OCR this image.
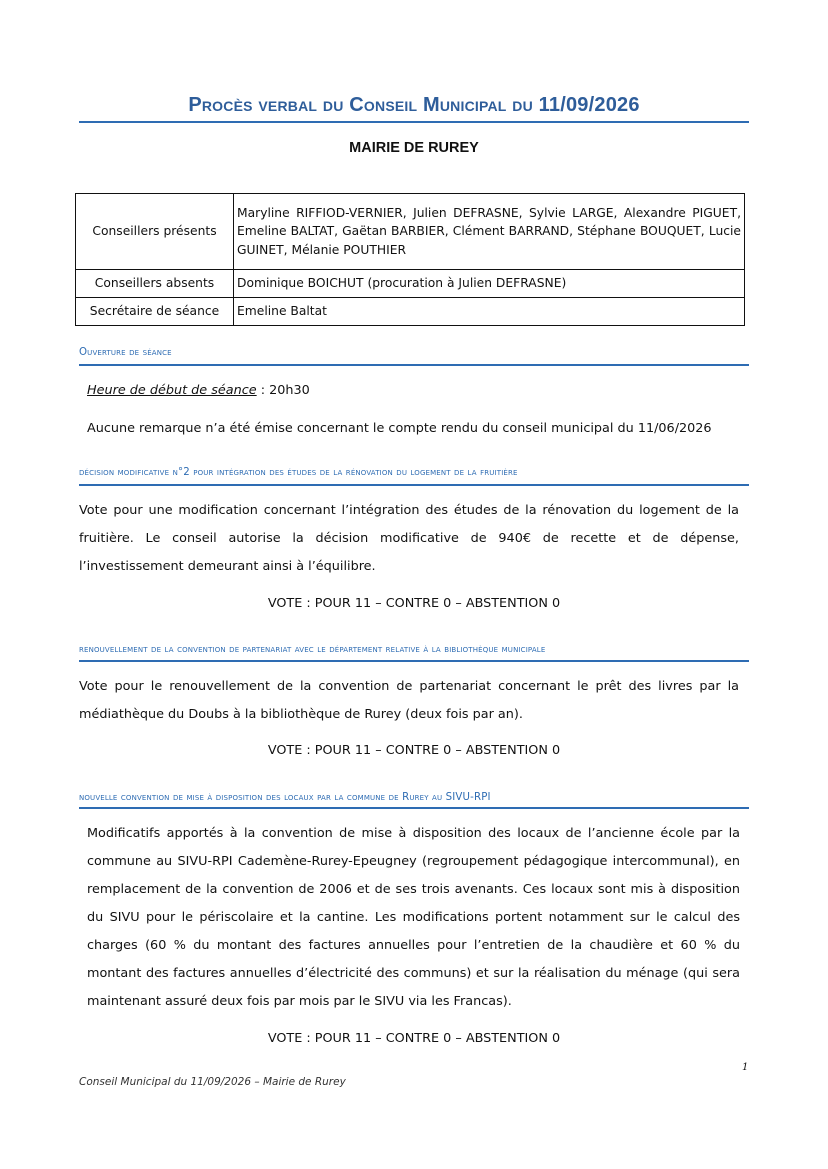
Procès verbal du Conseil Municipal du 11/09/2026
MAIRIE DE RUREY
Conseillers présents	Maryline RIFFIOD-VERNIER, Julien DEFRASNE, Sylvie LARGE, Alexandre PIGUET, Emeline BALTAT, Gaëtan BARBIER, Clément BARRAND, Stéphane BOUQUET, Lucie GUINET, Mélanie POUTHIER
Conseillers absents	Dominique BOICHUT (procuration à Julien DEFRASNE)
Secrétaire de séance	Emeline Baltat
Ouverture de séance
Heure de début de séance : 20h30
Aucune remarque n’a été émise concernant le compte rendu du conseil municipal du 11/06/2026
décision modificative n°2 pour intégration des études de la rénovation du logement de la fruitière
Vote pour une modification concernant l’intégration des études de la rénovation du logement de la fruitière. Le conseil autorise la décision modificative de 940€ de recette et de dépense, l’investissement demeurant ainsi à l’équilibre.
VOTE : POUR 11 – CONTRE 0 – ABSTENTION 0
renouvellement de la convention de partenariat avec le département relative à la bibliothèque municipale
Vote pour le renouvellement de la convention de partenariat concernant le prêt des livres par la médiathèque du Doubs à la bibliothèque de Rurey (deux fois par an).
VOTE : POUR 11 – CONTRE 0 – ABSTENTION 0
nouvelle convention de mise à disposition des locaux par la commune de Rurey au SIVU-RPI
Modificatifs apportés à la convention de mise à disposition des locaux de l’ancienne école par la commune au SIVU-RPI Cademène-Rurey-Epeugney (regroupement pédagogique intercommunal), en remplacement de la convention de 2006 et de ses trois avenants. Ces locaux sont mis à disposition du SIVU pour le périscolaire et la cantine. Les modifications portent notamment sur le calcul des charges (60 % du montant des factures annuelles pour l’entretien de la chaudière et 60 % du montant des factures annuelles d’électricité des communs) et sur la réalisation du ménage (qui sera maintenant assuré deux fois par mois par le SIVU via les Francas).
VOTE : POUR 11 – CONTRE 0 – ABSTENTION 0
1
Conseil Municipal du 11/09/2026 – Mairie de Rurey
